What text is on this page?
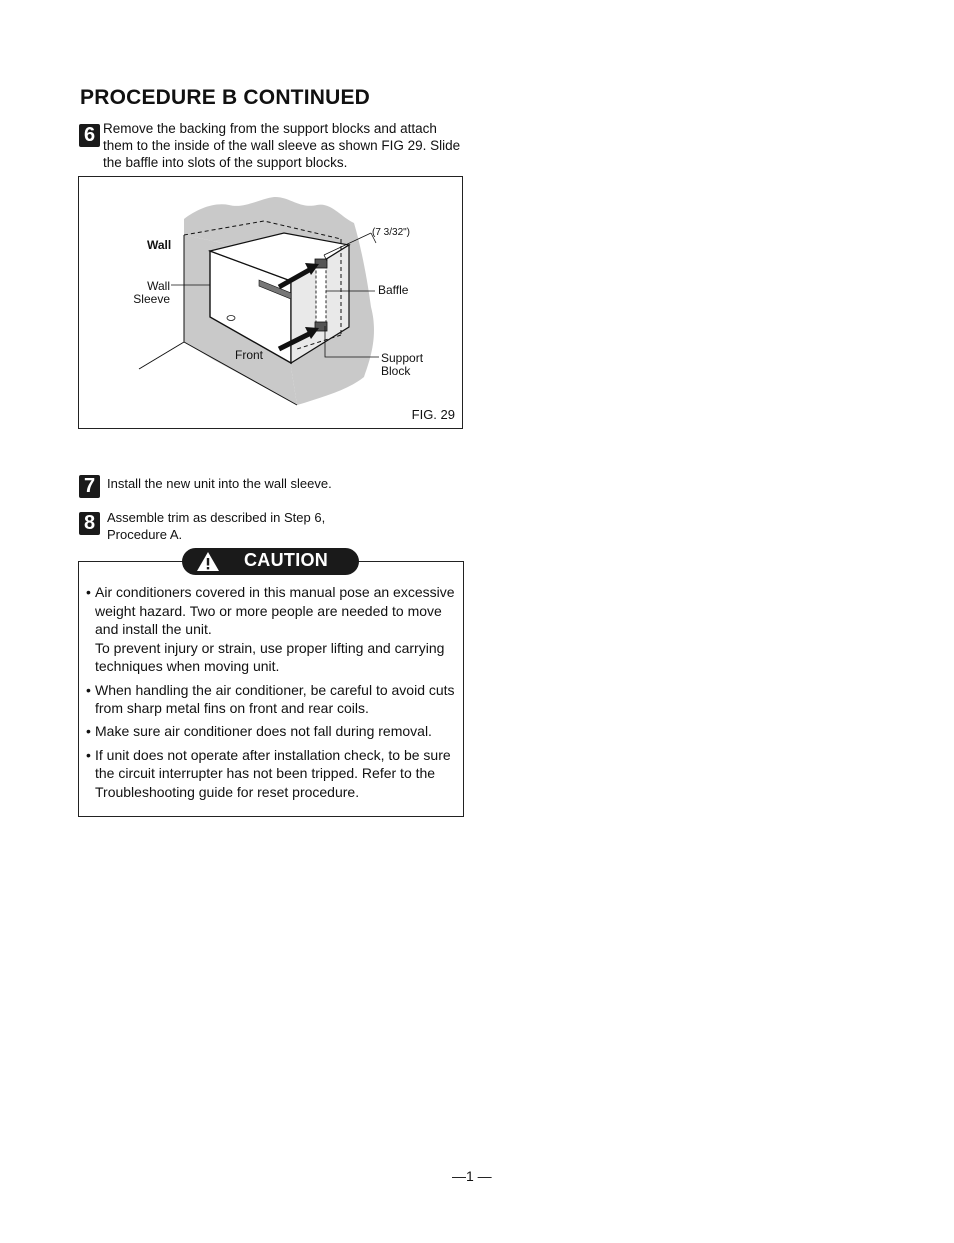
PROCEDURE B CONTINUED
6 Remove the backing from the support blocks and attach them to the inside of the wall sleeve as shown FIG 29. Slide the baffle into slots of the support blocks.
Wall
Wall
Sleeve
Front
Baffle
Support
Block
(7 3/32")
FIG. 29
7 Install the new unit into the wall sleeve.
8 Assemble trim as described in Step 6, Procedure A.
CAUTION
• Air conditioners covered in this manual pose an excessive weight hazard. Two or more people are needed to move and install the unit.
To prevent injury or strain, use proper lifting and carrying techniques when moving unit.
• When handling the air conditioner, be careful to avoid cuts from sharp metal fins on front and rear coils.
• Make sure air conditioner does not fall during removal.
• If unit does not operate after installation check, to be sure the circuit interrupter has not been tripped. Refer to the Troubleshooting guide for reset procedure.
—1 —
